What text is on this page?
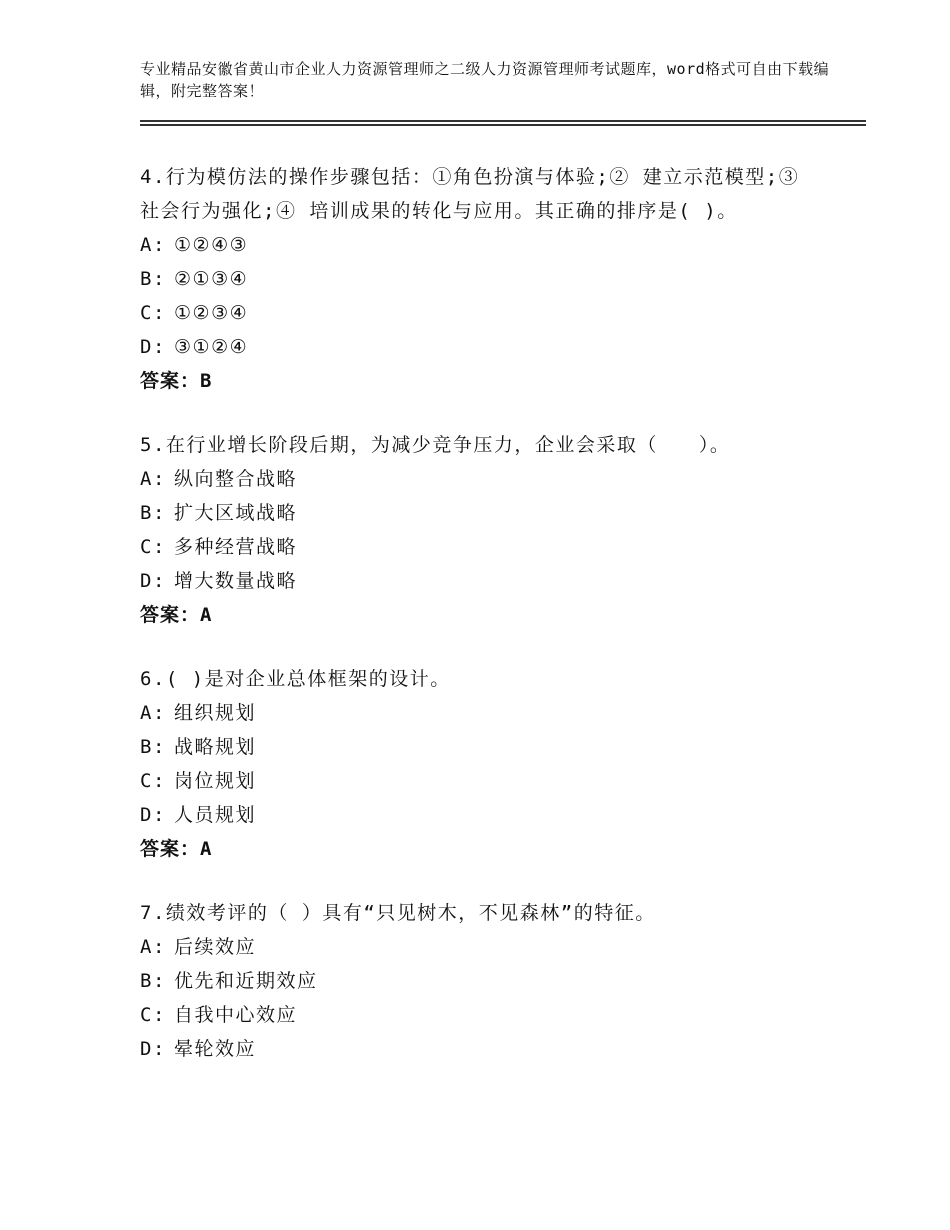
专业精品安徽省黄山市企业人力资源管理师之二级人力资源管理师考试题库，word格式可自由下载编辑，附完整答案！
4.行为模仿法的操作步骤包括：①角色扮演与体验;② 建立示范模型;③ 社会行为强化;④ 培训成果的转化与应用。其正确的排序是( )。
A: ①②④③
B: ②①③④
C: ①②③④
D: ③①②④
答案：B
5.在行业增长阶段后期，为减少竞争压力，企业会采取（　　）。
A: 纵向整合战略
B: 扩大区域战略
C: 多种经营战略
D: 增大数量战略
答案：A
6.( )是对企业总体框架的设计。
A: 组织规划
B: 战略规划
C: 岗位规划
D: 人员规划
答案：A
7.绩效考评的（ ）具有“只见树木，不见森林”的特征。
A: 后续效应
B: 优先和近期效应
C: 自我中心效应
D: 晕轮效应
